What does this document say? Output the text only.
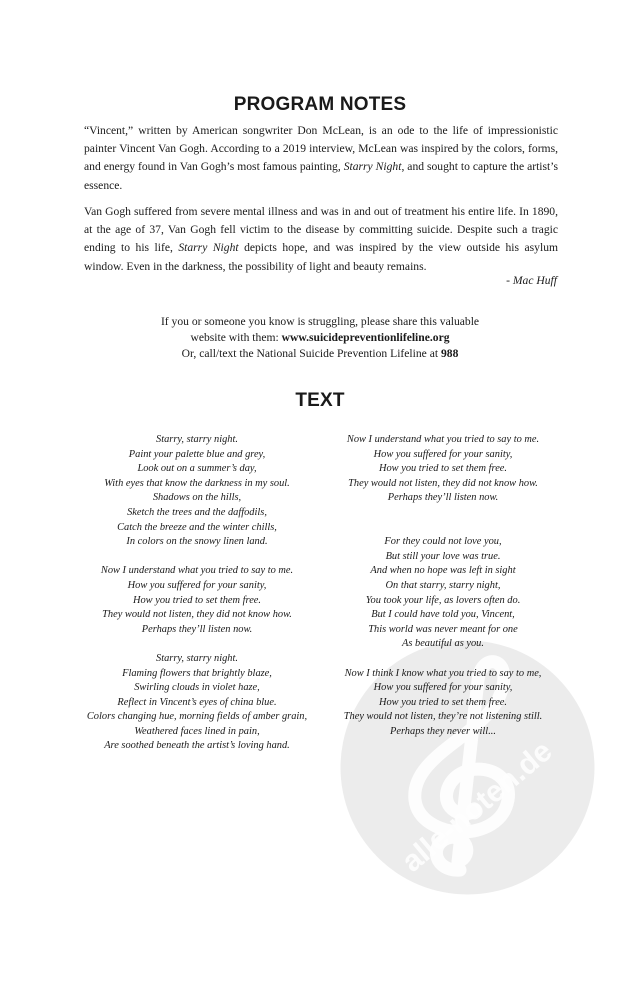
PROGRAM NOTES

“Vincent,” written by American songwriter Don McLean, is an ode to the life of impressionistic painter Vincent Van Gogh. According to a 2019 interview, McLean was inspired by the colors, forms, and energy found in Van Gogh’s most famous painting, Starry Night, and sought to capture the artist’s essence.

Van Gogh suffered from severe mental illness and was in and out of treatment his entire life. In 1890, at the age of 37, Van Gogh fell victim to the disease by committing suicide. Despite such a tragic ending to his life, Starry Night depicts hope, and was inspired by the view outside his asylum window. Even in the darkness, the possibility of light and beauty remains.

- Mac Huff
If you or someone you know is struggling, please share this valuable
website with them: www.suicidepreventionlifeline.org
Or, call/text the National Suicide Prevention Lifeline at 988
TEXT
alle-noten.de
Starry, starry night.
Paint your palette blue and grey,
Look out on a summer’s day,
With eyes that know the darkness in my soul.
Shadows on the hills,
Sketch the trees and the daffodils,
Catch the breeze and the winter chills,
In colors on the snowy linen land.
Now I understand what you tried to say to me.
How you suffered for your sanity,
How you tried to set them free.
They would not listen, they did not know how.
Perhaps they’ll listen now.
Starry, starry night.
Flaming flowers that brightly blaze,
Swirling clouds in violet haze,
Reflect in Vincent’s eyes of china blue.
Colors changing hue, morning fields of amber grain,
Weathered faces lined in pain,
Are soothed beneath the artist’s loving hand.
Now I understand what you tried to say to me.
How you suffered for your sanity,
How you tried to set them free.
They would not listen, they did not know how.
Perhaps they’ll listen now.
For they could not love you,
But still your love was true.
And when no hope was left in sight
On that starry, starry night,
You took your life, as lovers often do.
But I could have told you, Vincent,
This world was never meant for one
As beautiful as you.
Now I think I know what you tried to say to me,
How you suffered for your sanity,
How you tried to set them free.
They would not listen, they’re not listening still.
Perhaps they never will...
